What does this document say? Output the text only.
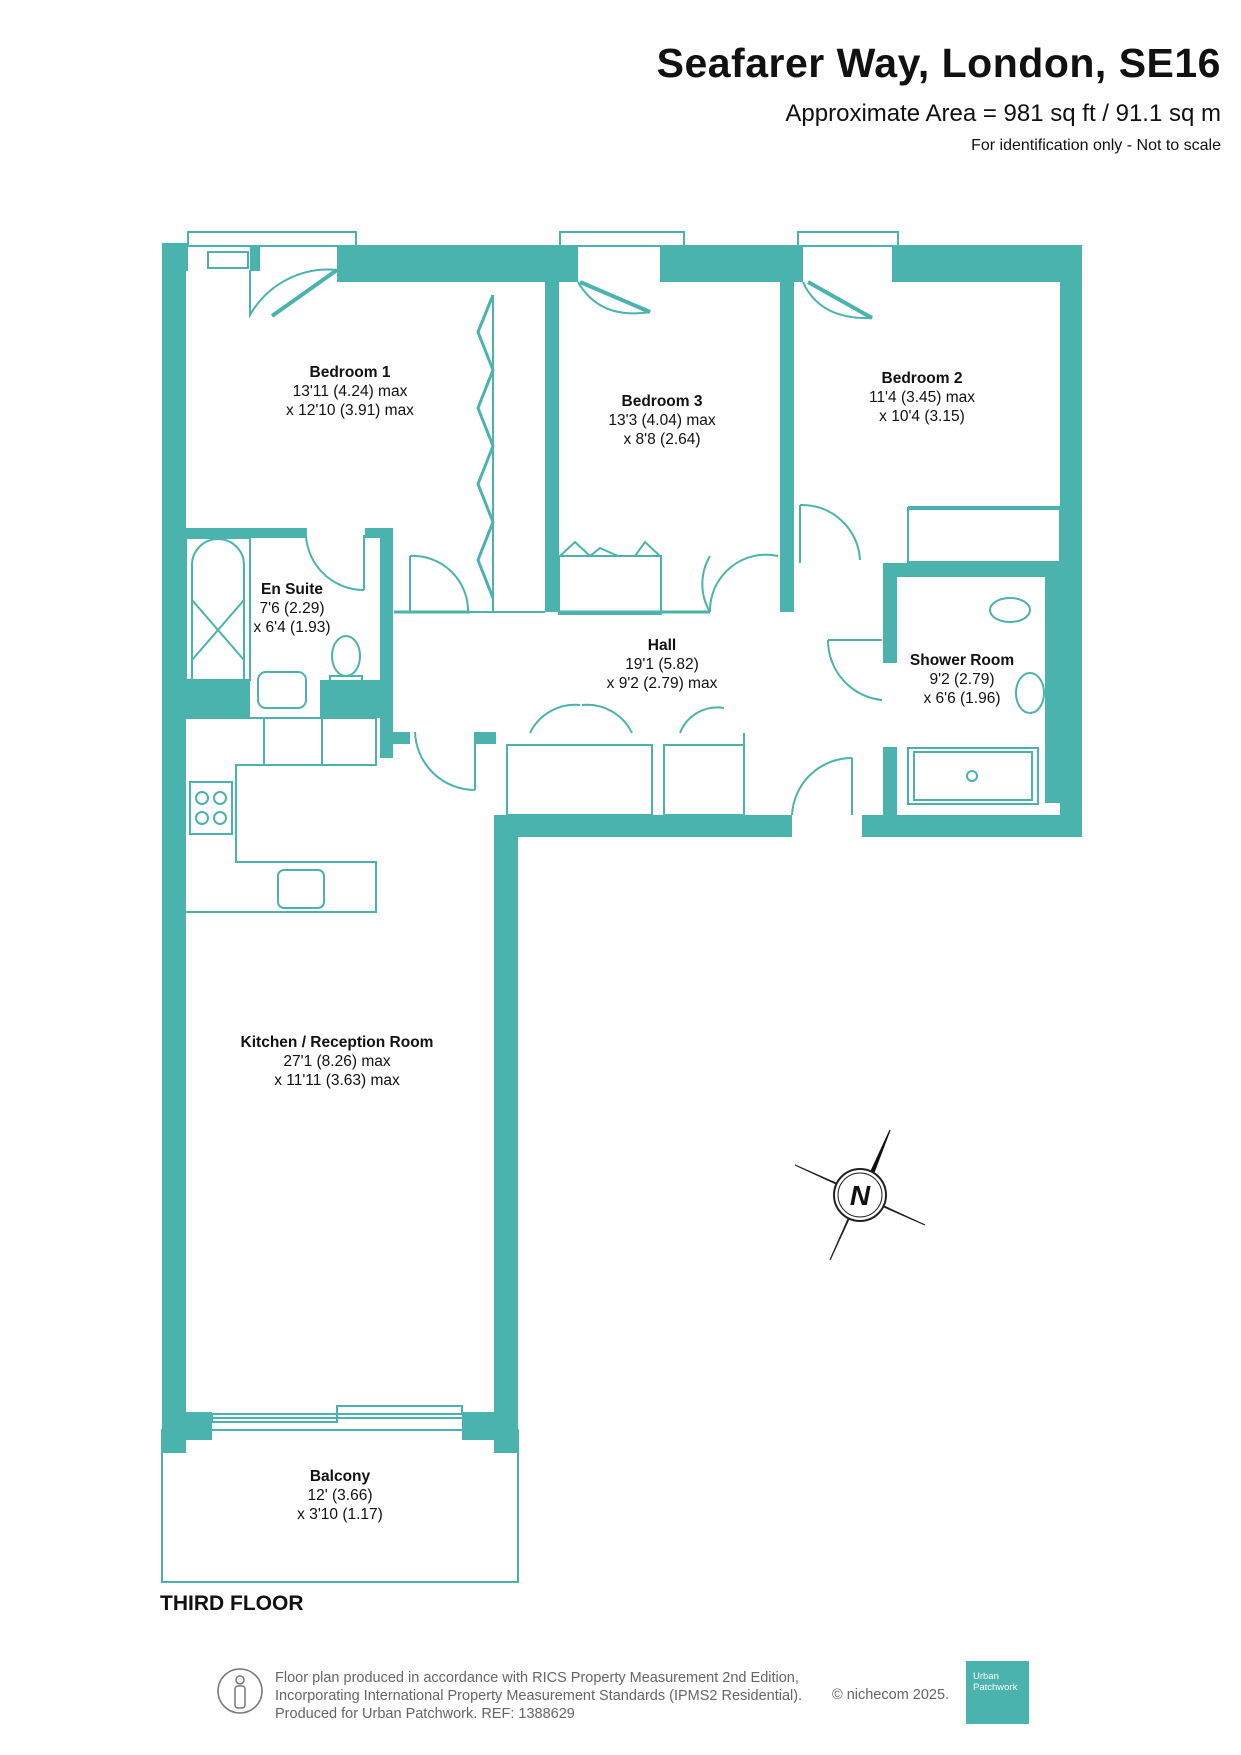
Seafarer Way, London, SE16
Approximate Area = 981 sq ft / 91.1 sq m
For identification only - Not to scale
Bedroom 1
13'11 (4.24) max
x 12'10 (3.91) max
Bedroom 3
13'3 (4.04) max
x 8'8 (2.64)
Bedroom 2
11'4 (3.45) max
x 10'4 (3.15)
En Suite
7'6 (2.29)
x 6'4 (1.93)
Hall
19'1 (5.82)
x 9'2 (2.79) max
Shower Room
9'2 (2.79)
x 6'6 (1.96)
Kitchen / Reception Room
27'1 (8.26) max
x 11'11 (3.63) max
Balcony
12' (3.66)
x 3'10 (1.17)
N
THIRD FLOOR
Floor plan produced in accordance with RICS Property Measurement 2nd Edition,
Incorporating International Property Measurement Standards (IPMS2 Residential).
Produced for Urban Patchwork. REF: 1388629
© nichecom 2025.
Urban
Patchwork
